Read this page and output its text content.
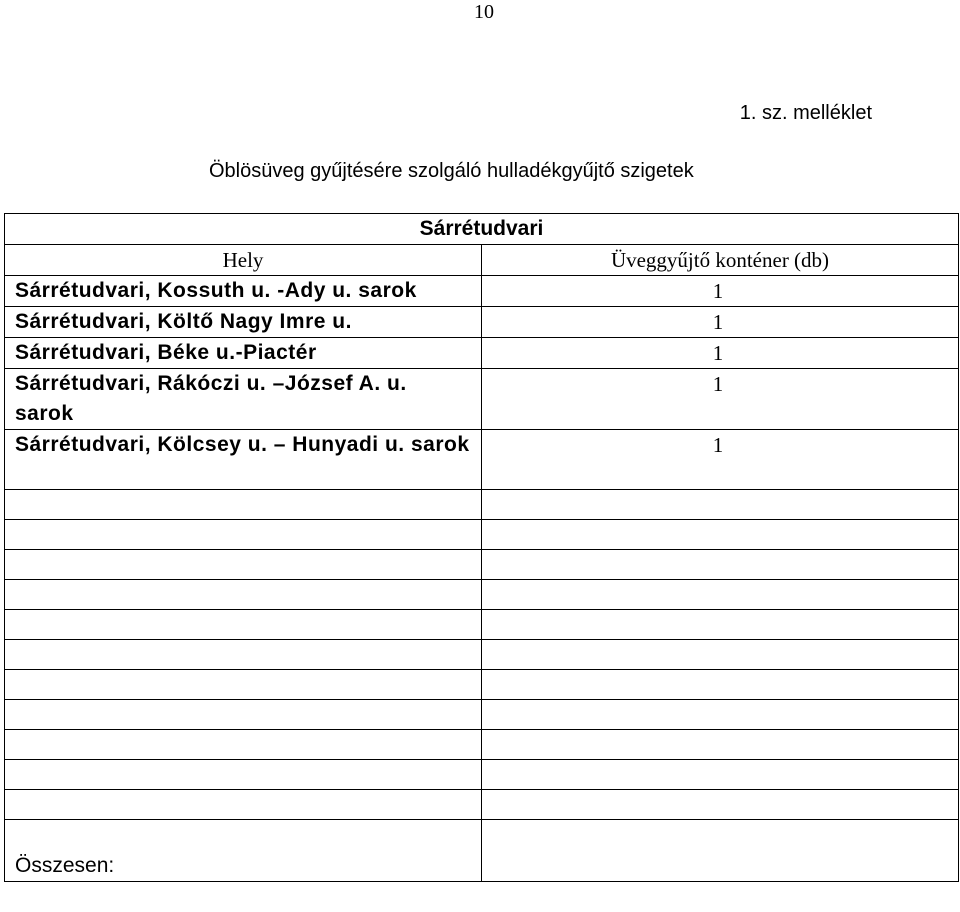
10
1. sz. melléklet
Öblösüveg gyűjtésére szolgáló hulladékgyűjtő szigetek
Sárrétudvari	
Hely	Üveggyűjtő konténer (db)
Sárrétudvari, Kossuth u. -Ady u. sarok	1
Sárrétudvari, Költő Nagy Imre u.	1
Sárrétudvari, Béke u.-Piactér	1
Sárrétudvari, Rákóczi u. –József A. u. sarok	1
Sárrétudvari, Kölcsey u. – Hunyadi u. sarok	1

Összesen:	
